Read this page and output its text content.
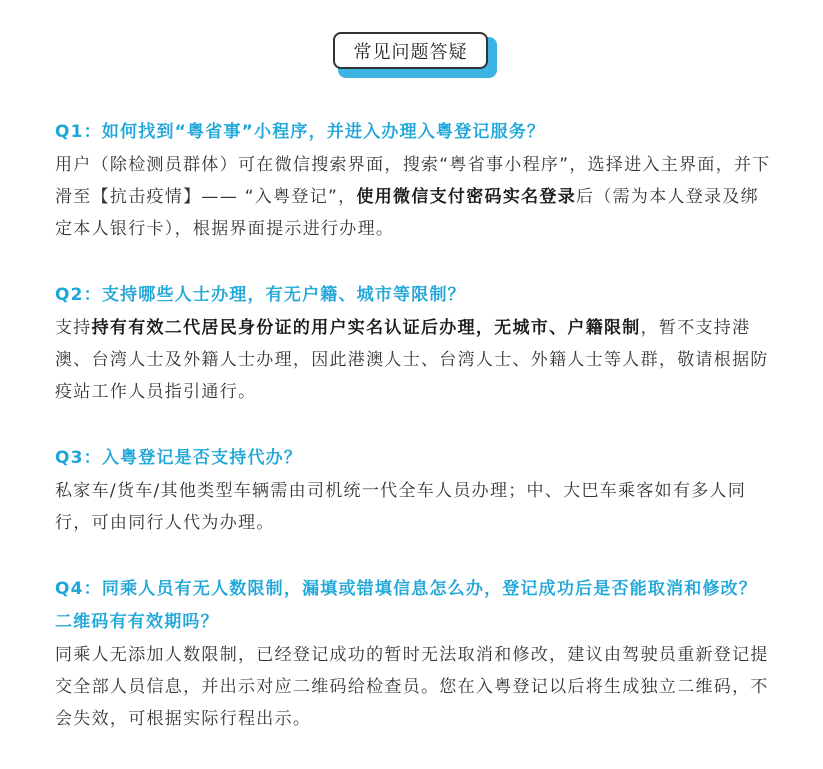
常见问题答疑
Q1：如何找到“粤省事”小程序，并进入办理入粤登记服务？
用户（除检测员群体）可在微信搜索界面，搜索“粤省事小程序”，选择进入主界面，并下滑至【抗击疫情】—— “入粤登记”，使用微信支付密码实名登录后（需为本人登录及绑定本人银行卡），根据界面提示进行办理。
Q2：支持哪些人士办理，有无户籍、城市等限制？
支持持有有效二代居民身份证的用户实名认证后办理，无城市、户籍限制，暂不支持港澳、台湾人士及外籍人士办理，因此港澳人士、台湾人士、外籍人士等人群，敬请根据防疫站工作人员指引通行。
Q3：入粤登记是否支持代办？
私家车/货车/其他类型车辆需由司机统一代全车人员办理；中、大巴车乘客如有多人同行，可由同行人代为办理。
Q4：同乘人员有无人数限制，漏填或错填信息怎么办，登记成功后是否能取消和修改？二维码有有效期吗？
同乘人无添加人数限制，已经登记成功的暂时无法取消和修改，建议由驾驶员重新登记提交全部人员信息，并出示对应二维码给检查员。您在入粤登记以后将生成独立二维码，不会失效，可根据实际行程出示。
